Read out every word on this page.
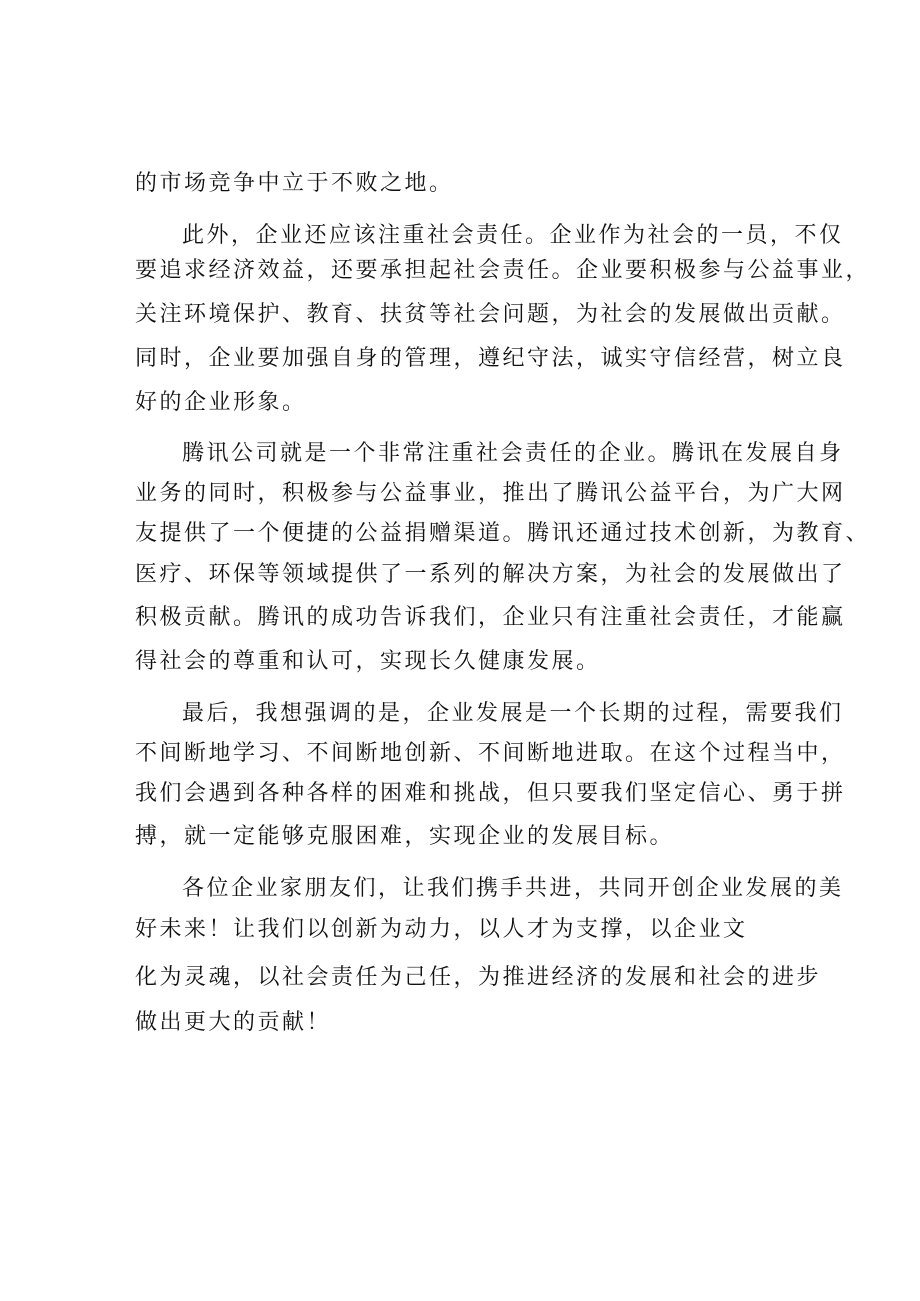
的市场竞争中立于不败之地。
此外，企业还应该注重社会责任。企业作为社会的一员，不仅
要追求经济效益，还要承担起社会责任。企业要积极参与公益事业，
关注环境保护、教育、扶贫等社会问题，为社会的发展做出贡献。
同时，企业要加强自身的管理，遵纪守法，诚实守信经营，树立良
好的企业形象。
腾讯公司就是一个非常注重社会责任的企业。腾讯在发展自身
业务的同时，积极参与公益事业，推出了腾讯公益平台，为广大网
友提供了一个便捷的公益捐赠渠道。腾讯还通过技术创新，为教育、
医疗、环保等领域提供了一系列的解决方案，为社会的发展做出了
积极贡献。腾讯的成功告诉我们，企业只有注重社会责任，才能赢
得社会的尊重和认可，实现长久健康发展。
最后，我想强调的是，企业发展是一个长期的过程，需要我们
不间断地学习、不间断地创新、不间断地进取。在这个过程当中，
我们会遇到各种各样的困难和挑战，但只要我们坚定信心、勇于拼
搏，就一定能够克服困难，实现企业的发展目标。
各位企业家朋友们，让我们携手共进，共同开创企业发展的美
好未来！让我们以创新为动力，以人才为支撑，以企业文
化为灵魂，以社会责任为己任，为推进经济的发展和社会的进步
做出更大的贡献！
